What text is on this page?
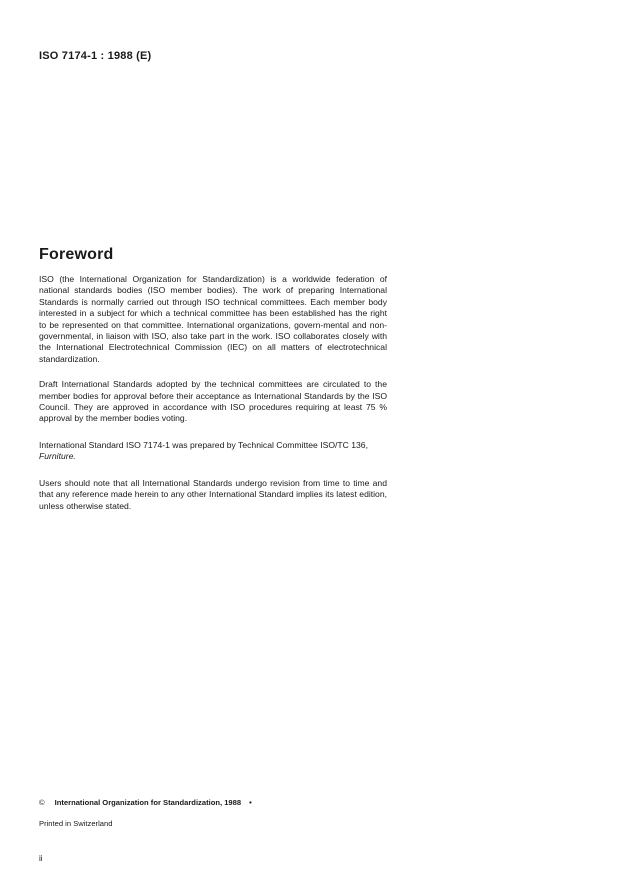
ISO 7174-1 : 1988 (E)
Foreword

ISO (the International Organization for Standardization) is a worldwide federation of national standards bodies (ISO member bodies). The work of preparing International Standards is normally carried out through ISO technical committees. Each member body interested in a subject for which a technical committee has been established has the right to be represented on that committee. International organizations, govern-mental and non-governmental, in liaison with ISO, also take part in the work. ISO collaborates closely with the International Electrotechnical Commission (IEC) on all matters of electrotechnical standardization.

Draft International Standards adopted by the technical committees are circulated to the member bodies for approval before their acceptance as International Standards by the ISO Council. They are approved in accordance with ISO procedures requiring at least 75 % approval by the member bodies voting.

International Standard ISO 7174-1 was prepared by Technical Committee ISO/TC 136,
Furniture.

Users should note that all International Standards undergo revision from time to time and that any reference made herein to any other International Standard implies its latest edition, unless otherwise stated.

© International Organization for Standardization, 1988 •
Printed in Switzerland
ii
